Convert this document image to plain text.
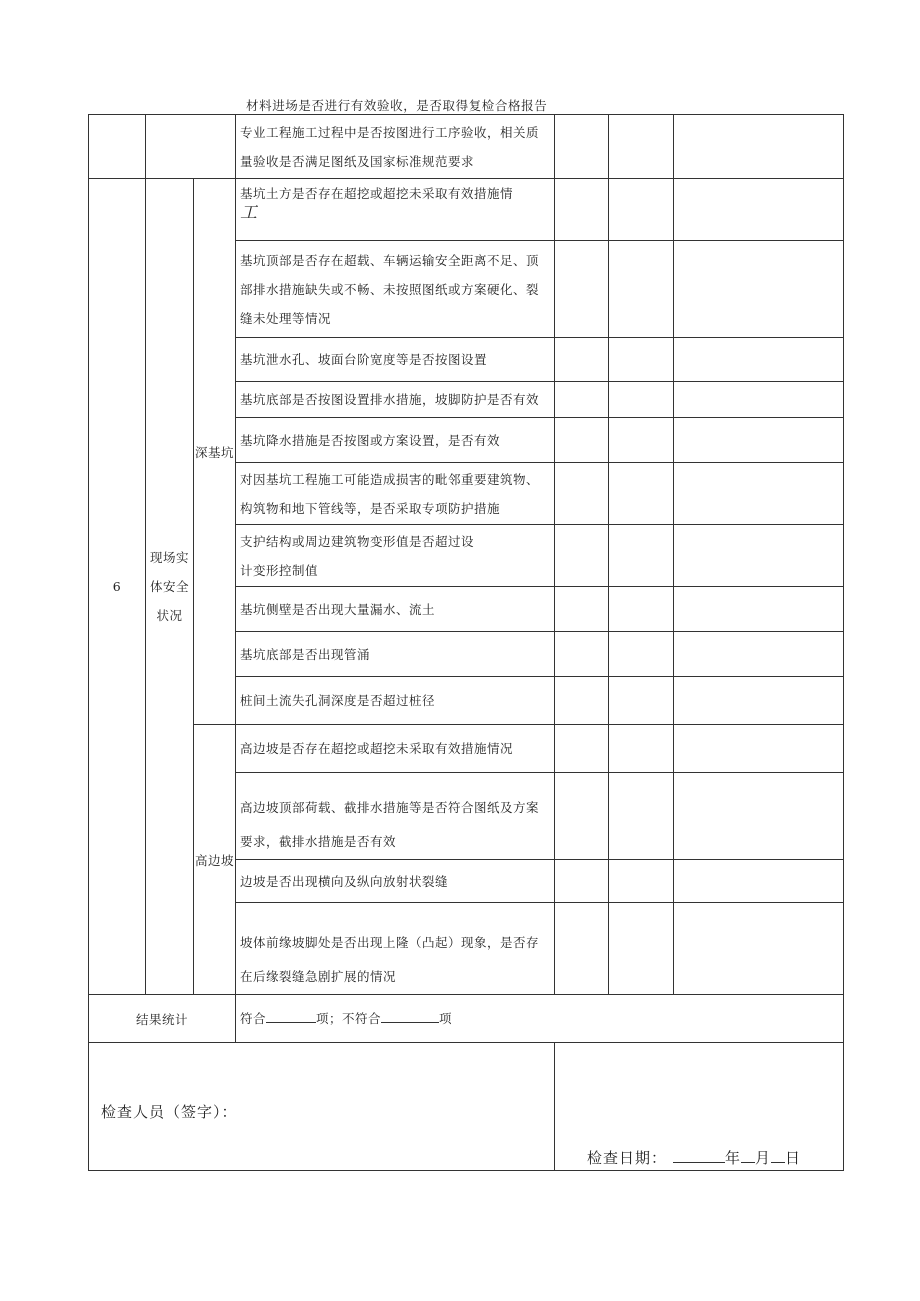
材料进场是否进行有效验收，是否取得复检合格报告
			专业工程施工过程中是否按图进行工序验收，相关质量验收是否满足图纸及国家标准规范要求			
6	现场实体安全状况	深基坑	基坑土方是否存在超挖或超挖未采取有效措施情
工			

			基坑顶部是否存在超载、车辆运输安全距离不足、顶部排水措施缺失或不畅、未按照图纸或方案硬化、裂缝未处理等情况			
			基坑泄水孔、坡面台阶宽度等是否按图设置			
			基坑底部是否按图设置排水措施，坡脚防护是否有效			
			基坑降水措施是否按图或方案设置，是否有效			
			对因基坑工程施工可能造成损害的毗邻重要建筑物、构筑物和地下管线等，是否采取专项防护措施			
			支护结构或周边建筑物变形值是否超过设计变形控制值			
			基坑侧壁是否出现大量漏水、流土			
			基坑底部是否出现管涌			
			桩间土流失孔洞深度是否超过桩径			
		高边坡	高边坡是否存在超挖或超挖未采取有效措施情况			
			高边坡顶部荷载、截排水措施等是否符合图纸及方案要求，截排水措施是否有效			
			边坡是否出现横向及纵向放射状裂缝			
			坡体前缘坡脚处是否出现上隆（凸起）现象，是否存在后缘裂缝急剧扩展的情况			
结果统计			符合 项；不符合 项			

检查人员（签字）：				检查日期： 年 月 日		
